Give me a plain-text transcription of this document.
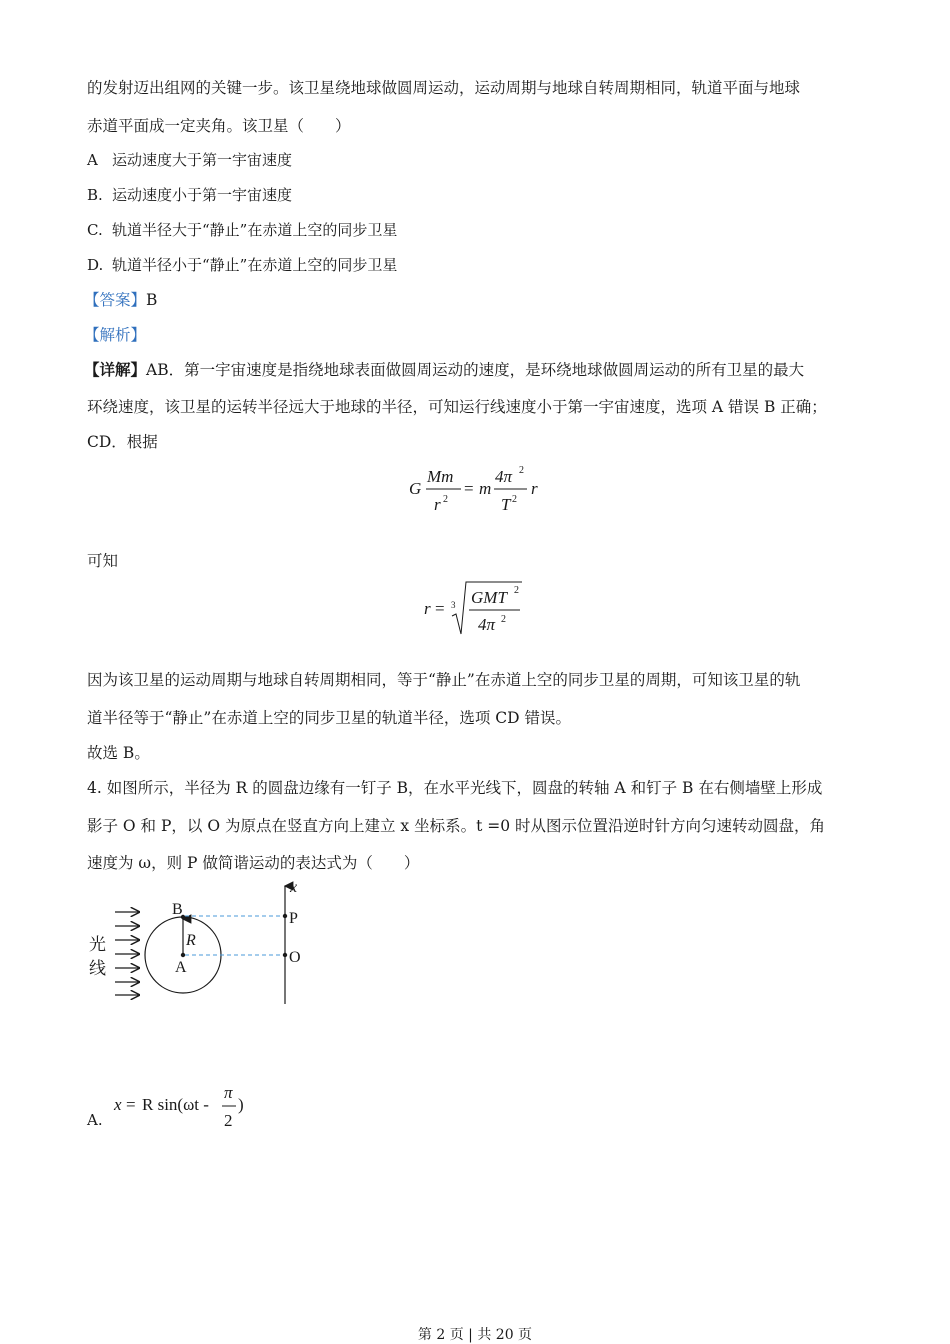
的发射迈出组网的关键一步。该卫星绕地球做圆周运动，运动周期与地球自转周期相同，轨道平面与地球
赤道平面成一定夹角。该卫星（　　）
A 运动速度大于第一宇宙速度
B. 运动速度小于第一宇宙速度
C. 轨道半径大于“静止”在赤道上空的同步卫星
D. 轨道半径小于“静止”在赤道上空的同步卫星
【答案】B
【解析】
【详解】AB．第一宇宙速度是指绕地球表面做圆周运动的速度，是环绕地球做圆周运动的所有卫星的最大
环绕速度，该卫星的运转半径远大于地球的半径，可知运行线速度小于第一宇宙速度，选项 A 错误 B 正确；
CD．根据
G
Mm
r 2
= m
4π 2
T 2
r
可知
r = 3 GMT 2
4π 2
因为该卫星的运动周期与地球自转周期相同，等于“静止”在赤道上空的同步卫星的周期，可知该卫星的轨
道半径等于“静止”在赤道上空的同步卫星的轨道半径，选项 CD 错误。
故选 B。
4. 如图所示，半径为 R 的圆盘边缘有一钉子 B，在水平光线下，圆盘的转轴 A 和钉子 B 在右侧墙壁上形成
影子 O 和 P，以 O 为原点在竖直方向上建立 x 坐标系。t =0 时从图示位置沿逆时针方向匀速转动圆盘，角
速度为 ω，则 P 做简谐运动的表达式为（　　）
光
线
B
A
R
x
P
O
A.
x = R sin(ωt -
π
2
)
第 2 页 | 共 20 页
